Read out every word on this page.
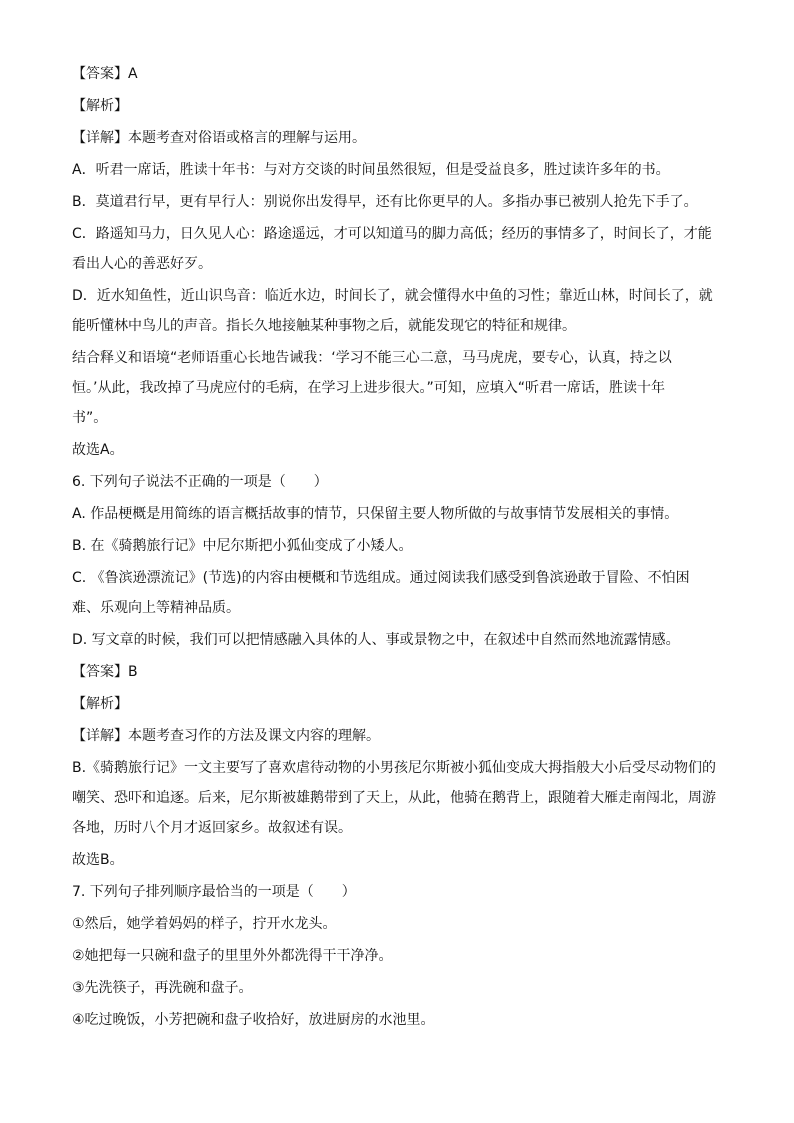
【答案】A
【解析】
【详解】本题考查对俗语或格言的理解与运用。
A．听君一席话，胜读十年书：与对方交谈的时间虽然很短，但是受益良多，胜过读许多年的书。
B．莫道君行早，更有早行人：别说你出发得早，还有比你更早的人。多指办事已被别人抢先下手了。
C．路遥知马力，日久见人心：路途遥远，才可以知道马的脚力高低；经历的事情多了，时间长了，才能
看出人心的善恶好歹。
D．近水知鱼性，近山识鸟音：临近水边，时间长了，就会懂得水中鱼的习性；靠近山林，时间长了，就
能听懂林中鸟儿的声音。指长久地接触某种事物之后，就能发现它的特征和规律。
结合释义和语境“老师语重心长地告诫我：‘学习不能三心二意，马马虎虎，要专心，认真，持之以
恒。’从此，我改掉了马虎应付的毛病，在学习上进步很大。”可知，应填入“听君一席话，胜读十年
书”。
故选A。
6. 下列句子说法不正确的一项是（　　）
A. 作品梗概是用简练的语言概括故事的情节，只保留主要人物所做的与故事情节发展相关的事情。
B. 在《骑鹅旅行记》中尼尔斯把小狐仙变成了小矮人。
C. 《鲁滨逊漂流记》(节选)的内容由梗概和节选组成。通过阅读我们感受到鲁滨逊敢于冒险、不怕困
难、乐观向上等精神品质。
D. 写文章的时候，我们可以把情感融入具体的人、事或景物之中，在叙述中自然而然地流露情感。
【答案】B
【解析】
【详解】本题考查习作的方法及课文内容的理解。
B.《骑鹅旅行记》一文主要写了喜欢虐待动物的小男孩尼尔斯被小狐仙变成大拇指般大小后受尽动物们的
嘲笑、恐吓和追逐。后来，尼尔斯被雄鹅带到了天上，从此，他骑在鹅背上，跟随着大雁走南闯北，周游
各地，历时八个月才返回家乡。故叙述有误。
故选B。
7. 下列句子排列顺序最恰当的一项是（　　）
①然后，她学着妈妈的样子，拧开水龙头。
②她把每一只碗和盘子的里里外外都洗得干干净净。
③先洗筷子，再洗碗和盘子。
④吃过晚饭，小芳把碗和盘子收拾好，放进厨房的水池里。
